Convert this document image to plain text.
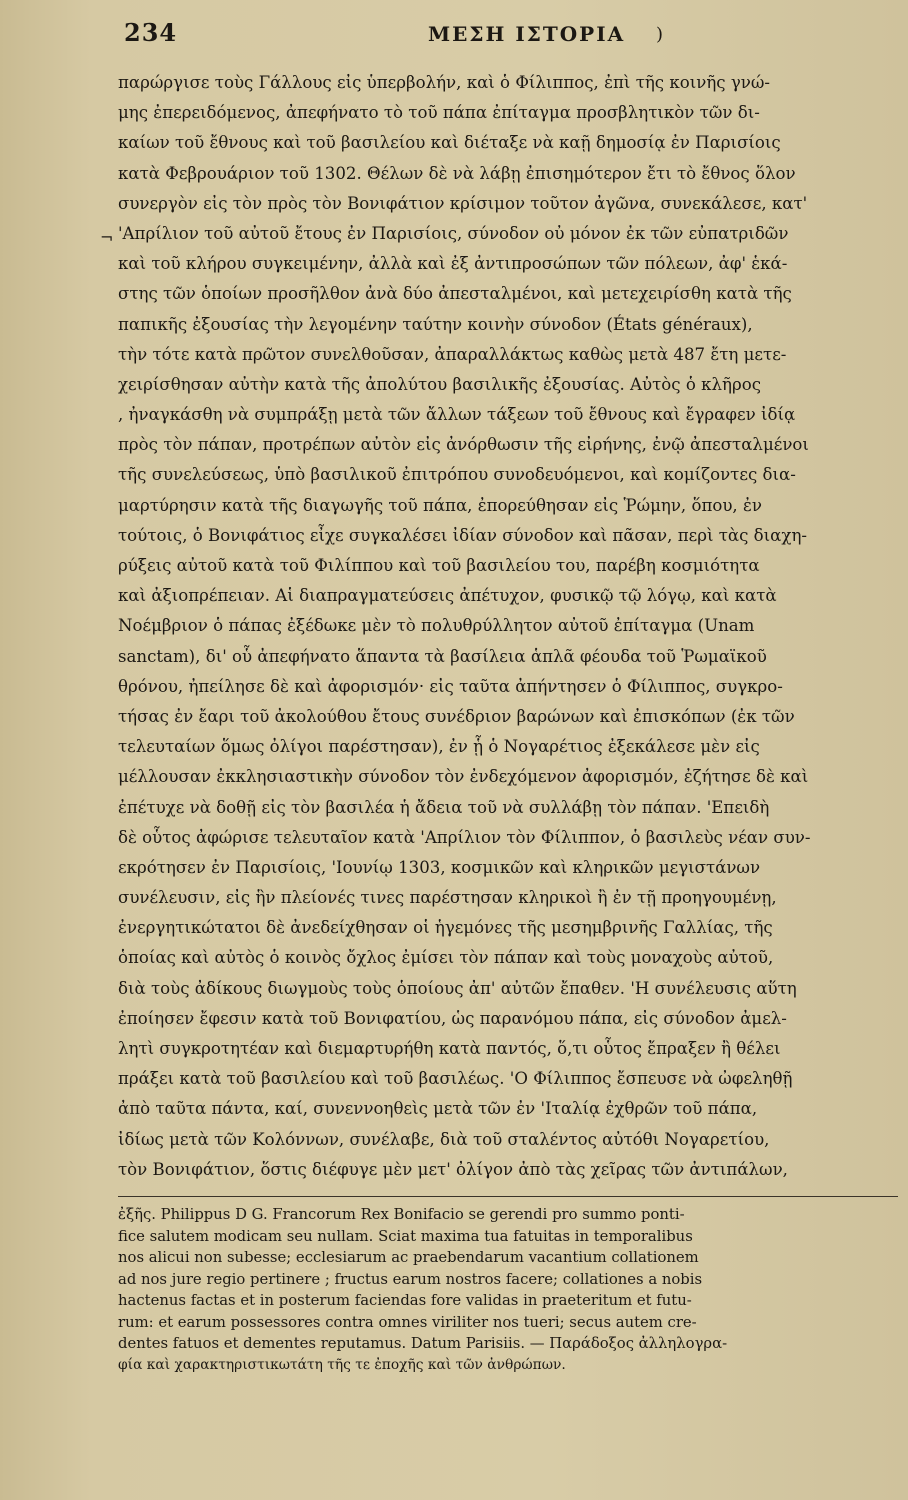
234	ΜΕΣΗ ΙΣΤΟΡΙΑ )
¬
παρώργισε τοὺς Γάλλους εἰς ὑπερβολήν, καὶ ὁ Φίλιππος, ἐπὶ τῆς κοινῆς γνώ-
μης ἐπερειδόμενος, ἀπεφήνατο τὸ τοῦ πάπα ἐπίταγμα προσβλητικὸν τῶν δι-
καίων τοῦ ἔθνους καὶ τοῦ βασιλείου καὶ διέταξε νὰ καῇ δημοσίᾳ ἐν Παρισίοις
κατὰ Φεβρουάριον τοῦ 1302. Θέλων δὲ νὰ λάβῃ ἐπισημότερον ἔτι τὸ ἔθνος ὅλον
συνεργὸν εἰς τὸν πρὸς τὸν Βονιφάτιον κρίσιμον τοῦτον ἀγῶνα, συνεκάλεσε, κατ'
'Απρίλιον τοῦ αὐτοῦ ἔτους ἐν Παρισίοις, σύνοδον οὐ μόνον ἐκ τῶν εὐπατριδῶν
καὶ τοῦ κλήρου συγκειμένην, ἀλλὰ καὶ ἐξ ἀντιπροσώπων τῶν πόλεων, ἀφ' ἑκά-
στης τῶν ὁποίων προσῆλθον ἀνὰ δύο ἀπεσταλμένοι, καὶ μετεχειρίσθη κατὰ τῆς
παπικῆς ἐξουσίας τὴν λεγομένην ταύτην κοινὴν σύνοδον (États généraux),
τὴν τότε κατὰ πρῶτον συνελθοῦσαν, ἀπαραλλάκτως καθὼς μετὰ 487 ἔτη μετε-
χειρίσθησαν αὐτὴν κατὰ τῆς ἀπολύτου βασιλικῆς ἐξουσίας. Αὐτὸς ὁ κλῆρος
, ἠναγκάσθη νὰ συμπράξῃ μετὰ τῶν ἄλλων τάξεων τοῦ ἔθνους καὶ ἔγραφεν ἰδίᾳ
πρὸς τὸν πάπαν, προτρέπων αὐτὸν εἰς ἀνόρθωσιν τῆς εἰρήνης, ἐνῷ ἀπεσταλμένοι
τῆς συνελεύσεως, ὑπὸ βασιλικοῦ ἐπιτρόπου συνοδευόμενοι, καὶ κομίζοντες δια-
μαρτύρησιν κατὰ τῆς διαγωγῆς τοῦ πάπα, ἐπορεύθησαν εἰς Ῥώμην, ὅπου, ἐν
τούτοις, ὁ Βονιφάτιος εἶχε συγκαλέσει ἰδίαν σύνοδον καὶ πᾶσαν, περὶ τὰς διαχη-
ρύξεις αὐτοῦ κατὰ τοῦ Φιλίππου καὶ τοῦ βασιλείου του, παρέβη κοσμιότητα
καὶ ἀξιοπρέπειαν. Αἱ διαπραγματεύσεις ἀπέτυχον, φυσικῷ τῷ λόγῳ, καὶ κατὰ
Νοέμβριον ὁ πάπας ἐξέδωκε μὲν τὸ πολυθρύλλητον αὐτοῦ ἐπίταγμα (Unam
sanctam), δι' οὗ ἀπεφήνατο ἅπαντα τὰ βασίλεια ἁπλᾶ φέουδα τοῦ Ῥωμαϊκοῦ
θρόνου, ἠπείλησε δὲ καὶ ἀφορισμόν· εἰς ταῦτα ἀπήντησεν ὁ Φίλιππος, συγκρο-
τήσας ἐν ἔαρι τοῦ ἀκολούθου ἔτους συνέδριον βαρώνων καὶ ἐπισκόπων (ἐκ τῶν
τελευταίων ὅμως ὀλίγοι παρέστησαν), ἐν ᾗ ὁ Νογαρέτιος ἐξεκάλεσε μὲν εἰς
μέλλουσαν ἐκκλησιαστικὴν σύνοδον τὸν ἐνδεχόμενον ἀφορισμόν, ἐζήτησε δὲ καὶ
ἐπέτυχε νὰ δοθῇ εἰς τὸν βασιλέα ἡ ἄδεια τοῦ νὰ συλλάβῃ τὸν πάπαν. 'Επειδὴ
δὲ οὗτος ἀφώρισε τελευταῖον κατὰ 'Απρίλιον τὸν Φίλιππον, ὁ βασιλεὺς νέαν συν-
εκρότησεν ἐν Παρισίοις, 'Ιουνίῳ 1303, κοσμικῶν καὶ κληρικῶν μεγιστάνων
συνέλευσιν, εἰς ἣν πλείονές τινες παρέστησαν κληρικοὶ ἢ ἐν τῇ προηγουμένῃ,
ἐνεργητικώτατοι δὲ ἀνεδείχθησαν οἱ ἡγεμόνες τῆς μεσημβρινῆς Γαλλίας, τῆς
ὁποίας καὶ αὐτὸς ὁ κοινὸς ὄχλος ἐμίσει τὸν πάπαν καὶ τοὺς μοναχοὺς αὐτοῦ,
διὰ τοὺς ἀδίκους διωγμοὺς τοὺς ὁποίους ἀπ' αὐτῶν ἔπαθεν. 'Η συνέλευσις αὕτη
ἐποίησεν ἔφεσιν κατὰ τοῦ Βονιφατίου, ὡς παρανόμου πάπα, εἰς σύνοδον ἀμελ-
λητὶ συγκροτητέαν καὶ διεμαρτυρήθη κατὰ παντός, ὅ,τι οὗτος ἔπραξεν ἢ θέλει
πράξει κατὰ τοῦ βασιλείου καὶ τοῦ βασιλέως. 'Ο Φίλιππος ἔσπευσε νὰ ὠφεληθῇ
ἀπὸ ταῦτα πάντα, καί, συνεννοηθεὶς μετὰ τῶν ἐν 'Ιταλίᾳ ἐχθρῶν τοῦ πάπα,
ἰδίως μετὰ τῶν Κολόννων, συνέλαβε, διὰ τοῦ σταλέντος αὐτόθι Νογαρετίου,
τὸν Βονιφάτιον, ὅστις διέφυγε μὲν μετ' ὀλίγον ἀπὸ τὰς χεῖρας τῶν ἀντιπάλων,
ἐξῆς. Philippus D G. Francorum Rex Bonifacio se gerendi pro summo ponti-
fice salutem modicam seu nullam. Sciat maxima tua fatuitas in temporalibus
nos alicui non subesse; ecclesiarum ac praebendarum vacantium collationem
ad nos jure regio pertinere ; fructus earum nostros facere; collationes a nobis
hactenus factas et in posterum faciendas fore validas in praeteritum et futu-
rum: et earum possessores contra omnes viriliter nos tueri; secus autem cre-
dentes fatuos et dementes reputamus. Datum Parisiis. — Παράδοξος ἀλληλογρα-
φία καὶ χαρακτηριστικωτάτη τῆς τε ἐποχῆς καὶ τῶν ἀνθρώπων.
